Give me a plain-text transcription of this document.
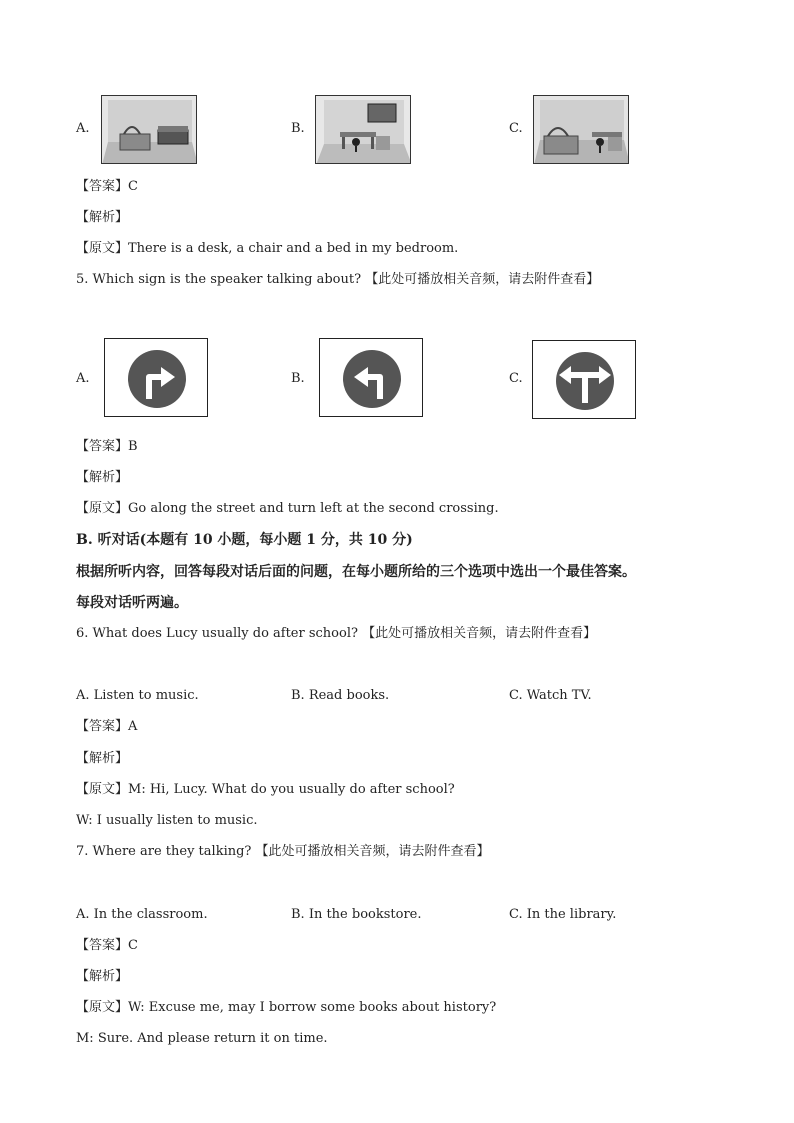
A.	B.	C.
【答案】C
【解析】
【原文】There is a desk, a chair and a bed in my bedroom.
5. Which sign is the speaker talking about? 【此处可播放相关音频，请去附件查看】
A.	B.	C.
【答案】B
【解析】
【原文】Go along the street and turn left at the second crossing.
B. 听对话(本题有 10 小题，每小题 1 分，共 10 分)
根据所听内容，回答每段对话后面的问题，在每小题所给的三个选项中选出一个最佳答案。
每段对话听两遍。
6. What does Lucy usually do after school? 【此处可播放相关音频，请去附件查看】
A. Listen to music.	B. Read books.	C. Watch TV.
【答案】A
【解析】
【原文】M: Hi, Lucy. What do you usually do after school?
W: I usually listen to music.
7. Where are they talking? 【此处可播放相关音频，请去附件查看】
A. In the classroom.	B. In the bookstore.	C. In the library.
【答案】C
【解析】
【原文】W: Excuse me, may I borrow some books about history?
M: Sure. And please return it on time.
